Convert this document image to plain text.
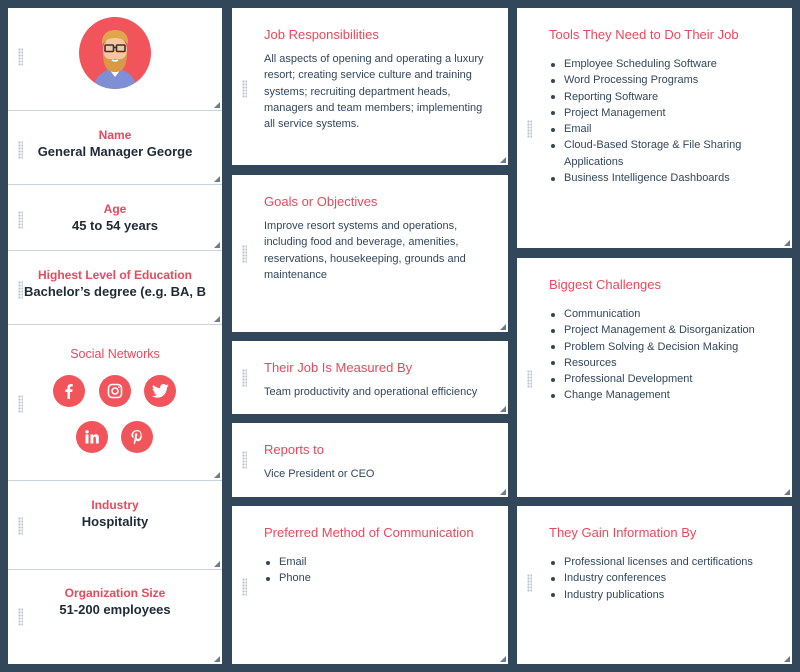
Name
General Manager George
Age
45 to 54 years
Highest Level of Education
Bachelor’s degree (e.g. BA, B
Social Networks
Industry
Hospitality
Organization Size
51-200 employees
Job Responsibilities

All aspects of opening and operating a luxury resort; creating service culture and training systems; recruiting department heads, managers and team members; implementing all service systems.

Goals or Objectives

Improve resort systems and operations, including food and beverage, amenities, reservations, housekeeping, grounds and maintenance

Their Job Is Measured By

Team productivity and operational efficiency

Reports to

Vice President or CEO

Preferred Method of Communication
Email
Phone
Tools They Need to Do Their Job
Employee Scheduling Software
Word Processing Programs
Reporting Software
Project Management
Email
Cloud-Based Storage & File Sharing Applications
Business Intelligence Dashboards
Biggest Challenges
Communication
Project Management & Disorganization
Problem Solving & Decision Making
Resources
Professional Development
Change Management
They Gain Information By
Professional licenses and certifications
Industry conferences
Industry publications
